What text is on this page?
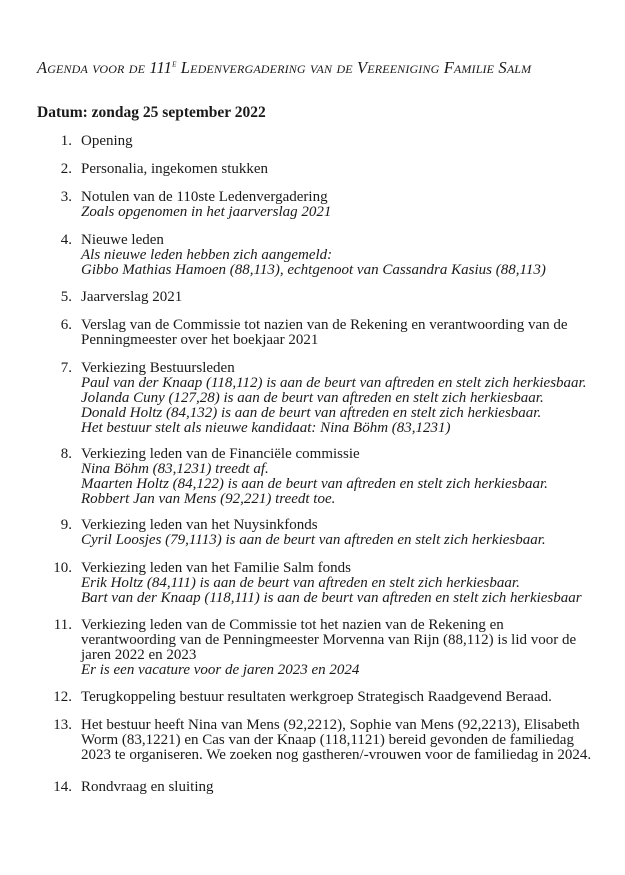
Agenda voor de 111e Ledenvergadering van de Vereeniging Familie Salm
Datum: zondag 25 september 2022
1. Opening
2. Personalia, ingekomen stukken
3. Notulen van de 110ste Ledenvergadering
Zoals opgenomen in het jaarverslag 2021
4. Nieuwe leden
Als nieuwe leden hebben zich aangemeld:
Gibbo Mathias Hamoen (88,113), echtgenoot van Cassandra Kasius (88,113)
5. Jaarverslag 2021
6. Verslag van de Commissie tot nazien van de Rekening en verantwoording van de
Penningmeester over het boekjaar 2021
7. Verkiezing Bestuursleden
Paul van der Knaap (118,112) is aan de beurt van aftreden en stelt zich herkiesbaar.
Jolanda Cuny (127,28) is aan de beurt van aftreden en stelt zich herkiesbaar.
Donald Holtz (84,132) is aan de beurt van aftreden en stelt zich herkiesbaar.
Het bestuur stelt als nieuwe kandidaat: Nina Böhm (83,1231)
8. Verkiezing leden van de Financiële commissie
Nina Böhm (83,1231) treedt af.
Maarten Holtz (84,122) is aan de beurt van aftreden en stelt zich herkiesbaar.
Robbert Jan van Mens (92,221) treedt toe.
9. Verkiezing leden van het Nuysinkfonds
Cyril Loosjes (79,1113) is aan de beurt van aftreden en stelt zich herkiesbaar.
10. Verkiezing leden van het Familie Salm fonds
Erik Holtz (84,111) is aan de beurt van aftreden en stelt zich herkiesbaar.
Bart van der Knaap (118,111) is aan de beurt van aftreden en stelt zich herkiesbaar
11. Verkiezing leden van de Commissie tot het nazien van de Rekening en
verantwoording van de Penningmeester Morvenna van Rijn (88,112) is lid voor de
jaren 2022 en 2023
Er is een vacature voor de jaren 2023 en 2024
12. Terugkoppeling bestuur resultaten werkgroep Strategisch Raadgevend Beraad.
13. Het bestuur heeft Nina van Mens (92,2212), Sophie van Mens (92,2213), Elisabeth
Worm (83,1221) en Cas van der Knaap (118,1121) bereid gevonden de familiedag
2023 te organiseren. We zoeken nog gastheren/-vrouwen voor de familiedag in 2024.
14. Rondvraag en sluiting
